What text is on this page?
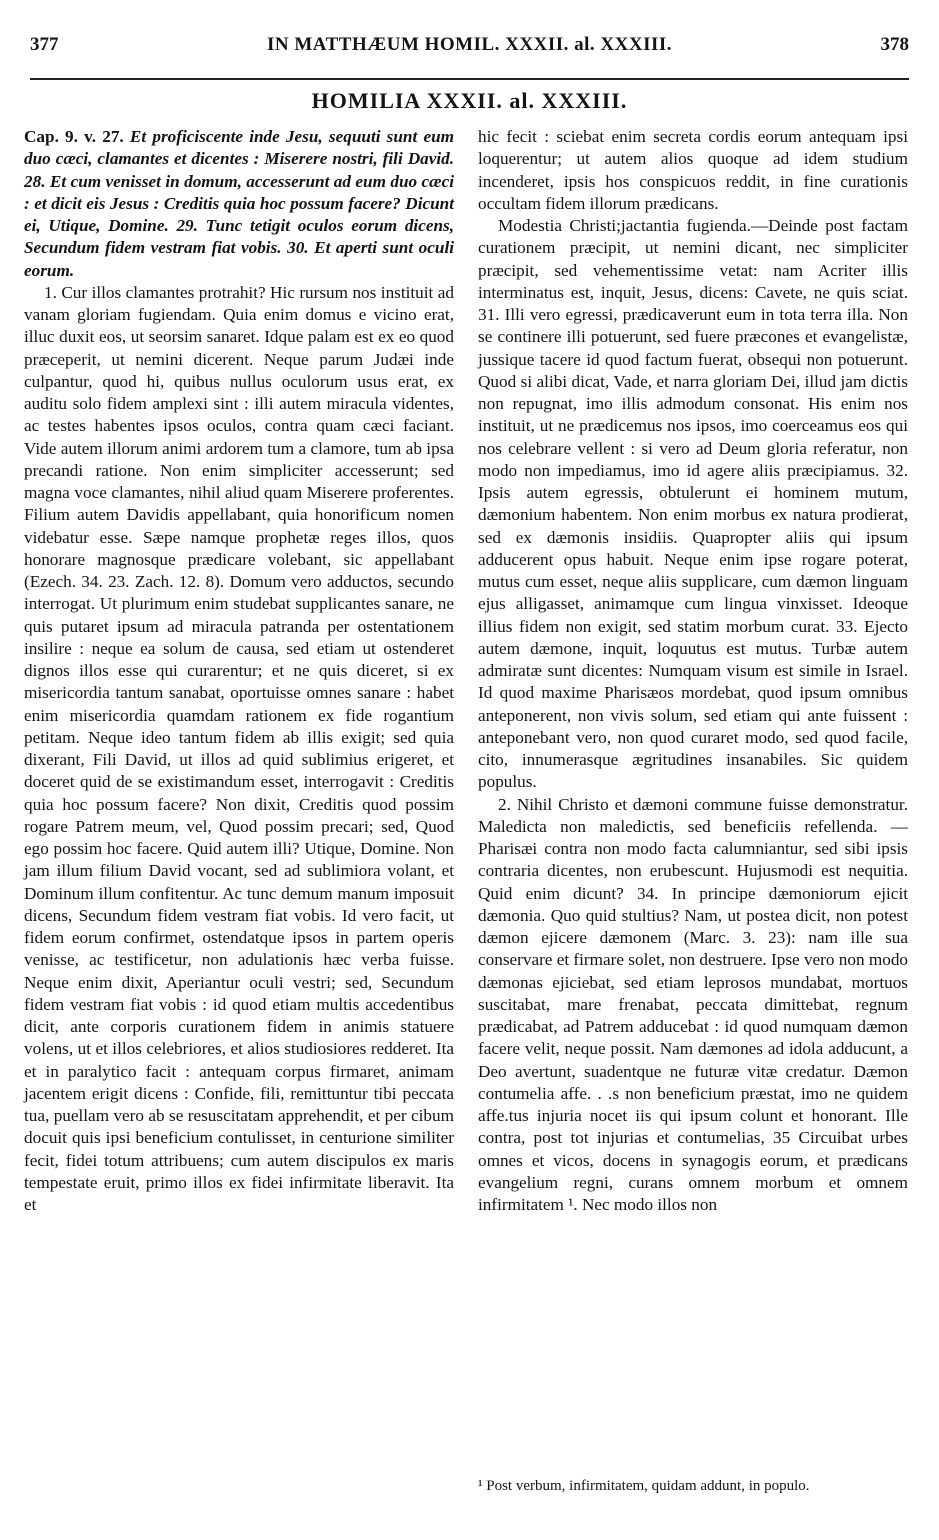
377	IN MATTHÆUM HOMIL. XXXII. al. XXXIII.	378
HOMILIA XXXII. al. XXXIII.

Cap. 9. v. 27. Et proficiscente inde Jesu, sequuti sunt eum duo cæci, clamantes et dicentes : Miserere nostri, fili David. 28. Et cum venisset in domum, accesserunt ad eum duo cæci : et dicit eis Jesus : Creditis quia hoc possum facere? Dicunt ei, Utique, Domine. 29. Tunc tetigit oculos eorum dicens, Secundum fidem vestram fiat vobis. 30. Et aperti sunt oculi eorum.

1. Cur illos clamantes protrahit? Hic rursum nos instituit ad vanam gloriam fugiendam. Quia enim domus e vicino erat, illuc duxit eos, ut seorsim sanaret. Idque palam est ex eo quod præceperit, ut nemini dicerent. Neque parum Judæi inde culpantur, quod hi, quibus nullus oculorum usus erat, ex auditu solo fidem amplexi sint : illi autem miracula videntes, ac testes habentes ipsos oculos, contra quam cæci faciant. Vide autem illorum animi ardorem tum a clamore, tum ab ipsa precandi ratione. Non enim simpliciter accesserunt; sed magna voce clamantes, nihil aliud quam Miserere proferentes. Filium autem Davidis appellabant, quia honorificum nomen videbatur esse. Sæpe namque prophetæ reges illos, quos honorare magnosque prædicare volebant, sic appellabant (Ezech. 34. 23. Zach. 12. 8). Domum vero adductos, secundo interrogat. Ut plurimum enim studebat supplicantes sanare, ne quis putaret ipsum ad miracula patranda per ostentationem insilire : neque ea solum de causa, sed etiam ut ostenderet dignos illos esse qui curarentur; et ne quis diceret, si ex misericordia tantum sanabat, oportuisse omnes sanare : habet enim misericordia quamdam rationem ex fide rogantium petitam. Neque ideo tantum fidem ab illis exigit; sed quia dixerant, Fili David, ut illos ad quid sublimius erigeret, et doceret quid de se existimandum esset, interrogavit : Creditis quia hoc possum facere? Non dixit, Creditis quod possim rogare Patrem meum, vel, Quod possim precari; sed, Quod ego possim hoc facere. Quid autem illi? Utique, Domine. Non jam illum filium David vocant, sed ad sublimiora volant, et Dominum illum confitentur. Ac tunc demum manum imposuit dicens, Secundum fidem vestram fiat vobis. Id vero facit, ut fidem eorum confirmet, ostendatque ipsos in partem operis venisse, ac testificetur, non adulationis hæc verba fuisse. Neque enim dixit, Aperiantur oculi vestri; sed, Secundum fidem vestram fiat vobis : id quod etiam multis accedentibus dicit, ante corporis curationem fidem in animis statuere volens, ut et illos celebriores, et alios studiosiores redderet. Ita et in paralytico facit : antequam corpus firmaret, animam jacentem erigit dicens : Confide, fili, remittuntur tibi peccata tua, puellam vero ab se resuscitatam apprehendit, et per cibum docuit quis ipsi beneficium contulisset, in centurione similiter fecit, fidei totum attribuens; cum autem discipulos ex maris tempestate eruit, primo illos ex fidei infirmitate liberavit. Ita et

hic fecit : sciebat enim secreta cordis eorum antequam ipsi loquerentur; ut autem alios quoque ad idem studium incenderet, ipsis hos conspicuos reddit, in fine curationis occultam fidem illorum prædicans.

Modestia Christi;jactantia fugienda.—Deinde post factam curationem præcipit, ut nemini dicant, nec simpliciter præcipit, sed vehementissime vetat: nam Acriter illis interminatus est, inquit, Jesus, dicens: Cavete, ne quis sciat. 31. Illi vero egressi, prædicaverunt eum in tota terra illa. Non se continere illi potuerunt, sed fuere præcones et evangelistæ, jussique tacere id quod factum fuerat, obsequi non potuerunt. Quod si alibi dicat, Vade, et narra gloriam Dei, illud jam dictis non repugnat, imo illis admodum consonat. His enim nos instituit, ut ne prædicemus nos ipsos, imo coerceamus eos qui nos celebrare vellent : si vero ad Deum gloria referatur, non modo non impediamus, imo id agere aliis præcipiamus. 32. Ipsis autem egressis, obtulerunt ei hominem mutum, dæmonium habentem. Non enim morbus ex natura prodierat, sed ex dæmonis insidiis. Quapropter aliis qui ipsum adducerent opus habuit. Neque enim ipse rogare poterat, mutus cum esset, neque aliis supplicare, cum dæmon linguam ejus alligasset, animamque cum lingua vinxisset. Ideoque illius fidem non exigit, sed statim morbum curat. 33. Ejecto autem dæmone, inquit, loquutus est mutus. Turbæ autem admiratæ sunt dicentes: Numquam visum est simile in Israel. Id quod maxime Pharisæos mordebat, quod ipsum omnibus anteponerent, non vivis solum, sed etiam qui ante fuissent : anteponebant vero, non quod curaret modo, sed quod facile, cito, innumerasque ægritudines insanabiles. Sic quidem populus.

2. Nihil Christo et dæmoni commune fuisse demonstratur. Maledicta non maledictis, sed beneficiis refellenda. — Pharisæi contra non modo facta calumniantur, sed sibi ipsis contraria dicentes, non erubescunt. Hujusmodi est nequitia. Quid enim dicunt? 34. In principe dæmoniorum ejicit dæmonia. Quo quid stultius? Nam, ut postea dicit, non potest dæmon ejicere dæmonem (Marc. 3. 23): nam ille sua conservare et firmare solet, non destruere. Ipse vero non modo dæmonas ejiciebat, sed etiam leprosos mundabat, mortuos suscitabat, mare frenabat, peccata dimittebat, regnum prædicabat, ad Patrem adducebat : id quod numquam dæmon facere velit, neque possit. Nam dæmones ad idola adducunt, a Deo avertunt, suadentque ne futuræ vitæ credatur. Dæmon contumelia affe. . .s non beneficium præstat, imo ne quidem affe.tus injuria nocet iis qui ipsum colunt et honorant. Ille contra, post tot injurias et contumelias, 35 Circuibat urbes omnes et vicos, docens in synagogis eorum, et prædicans evangelium regni, curans omnem morbum et omnem infirmitatem ¹. Nec modo illos non

¹ Post verbum, infirmitatem, quidam addunt, in populo.
